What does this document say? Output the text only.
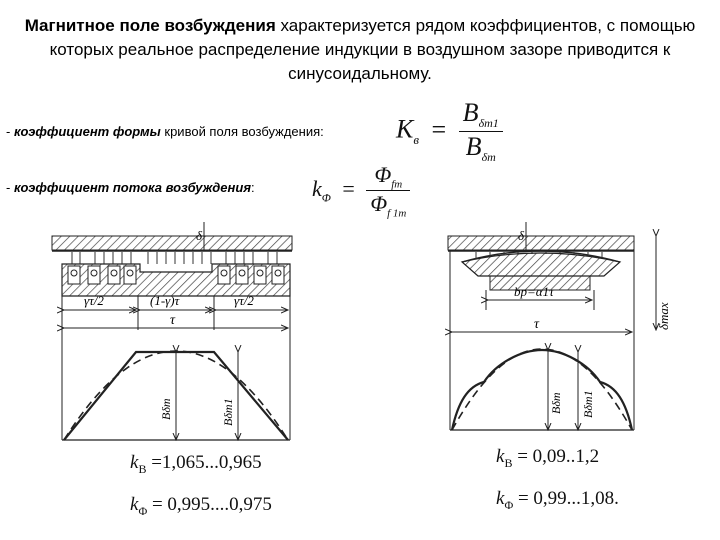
Магнитное поле возбуждения характеризуется рядом коэффициентов, с помощью которых реальное распределение индукции в воздушном зазоре приводится к синусоидальному.
- коэффициент формы кривой поля возбуждения:
- коэффициент потока возбуждения:
$K_в = \frac{B_{\delta m1}}{B_{\delta m}}$
$k_\Phi = \frac{\Phi_{fm}}{\Phi_{f 1m}}$
δ
γτ/2	(1-γ)τ	γτ/2
τ
Bδm	Bδm1
δ
δmax
bp=α1τ
τ
Bδm Bδm1
$k_B =1,065...0,965$
$k_\Phi = 0,995....0,975$
$k_B = 0,09..1,2$
$k_\Phi = 0,99...1,08$.
